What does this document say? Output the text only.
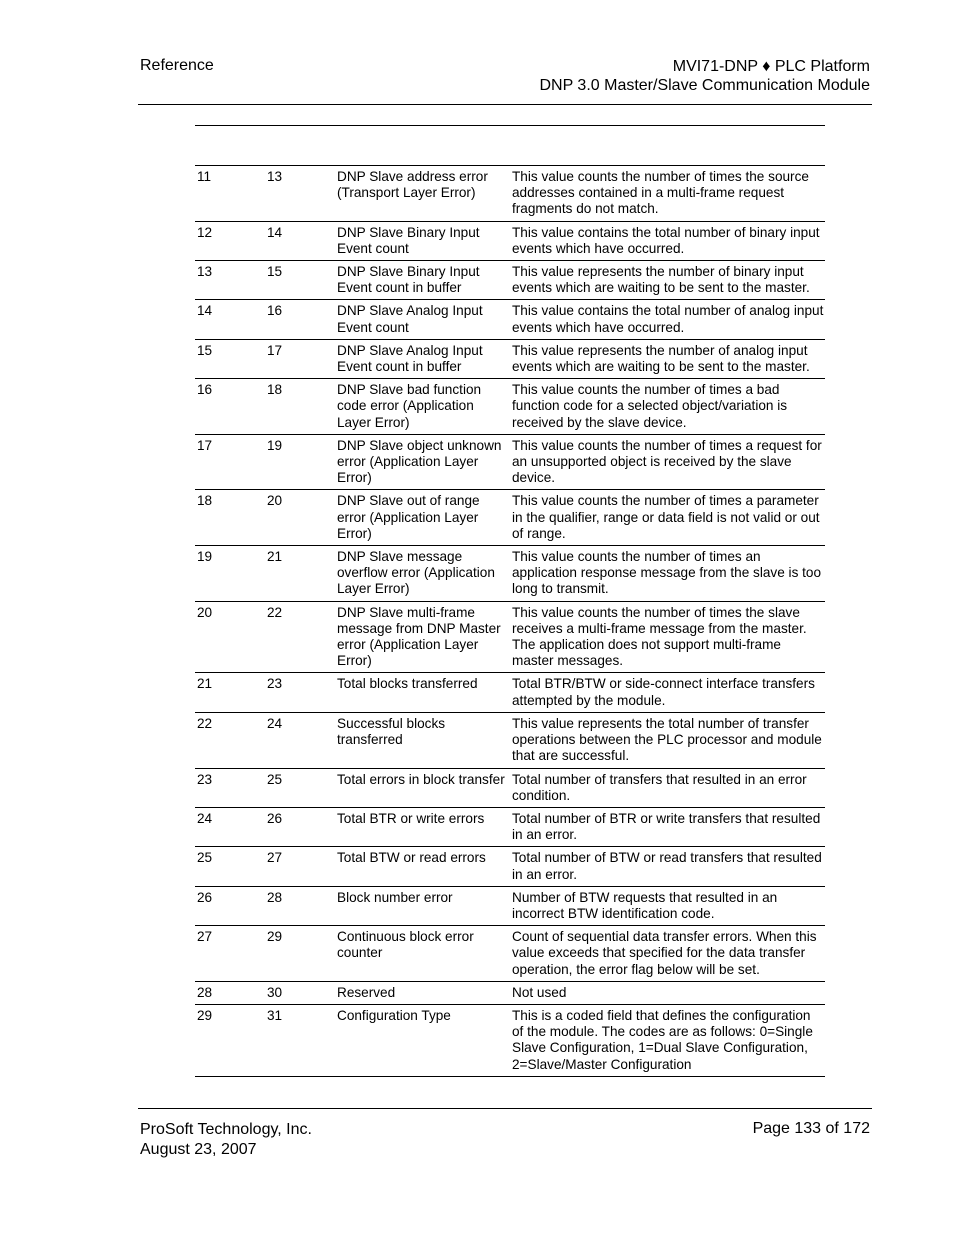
Reference	MVI71-DNP ♦ PLC Platform
DNP 3.0 Master/Slave Communication Module
11	13	DNP Slave address error (Transport Layer Error)	This value counts the number of times the source addresses contained in a multi-frame request fragments do not match.
12	14	DNP Slave Binary Input Event count	This value contains the total number of binary input events which have occurred.
13	15	DNP Slave Binary Input Event count in buffer	This value represents the number of binary input events which are waiting to be sent to the master.
14	16	DNP Slave Analog Input Event count	This value contains the total number of analog input events which have occurred.
15	17	DNP Slave Analog Input Event count in buffer	This value represents the number of analog input events which are waiting to be sent to the master.
16	18	DNP Slave bad function code error (Application Layer Error)	This value counts the number of times a bad function code for a selected object/variation is received by the slave device.
17	19	DNP Slave object unknown error (Application Layer Error)	This value counts the number of times a request for an unsupported object is received by the slave device.
18	20	DNP Slave out of range error (Application Layer Error)	This value counts the number of times a parameter in the qualifier, range or data field is not valid or out of range.
19	21	DNP Slave message overflow error (Application Layer Error)	This value counts the number of times an application response message from the slave is too long to transmit.
20	22	DNP Slave multi-frame message from DNP Master error (Application Layer Error)	This value counts the number of times the slave receives a multi-frame message from the master. The application does not support multi-frame master messages.
21	23	Total blocks transferred	Total BTR/BTW or side-connect interface transfers attempted by the module.
22	24	Successful blocks transferred	This value represents the total number of transfer operations between the PLC processor and module that are successful.
23	25	Total errors in block transfer	Total number of transfers that resulted in an error condition.
24	26	Total BTR or write errors	Total number of BTR or write transfers that resulted in an error.
25	27	Total BTW or read errors	Total number of BTW or read transfers that resulted in an error.
26	28	Block number error	Number of BTW requests that resulted in an incorrect BTW identification code.
27	29	Continuous block error counter	Count of sequential data transfer errors. When this value exceeds that specified for the data transfer operation, the error flag below will be set.
28	30	Reserved	Not used
29	31	Configuration Type	This is a coded field that defines the configuration of the module. The codes are as follows: 0=Single Slave Configuration, 1=Dual Slave Configuration, 2=Slave/Master Configuration
ProSoft Technology, Inc.
August 23, 2007
Page 133 of 172
